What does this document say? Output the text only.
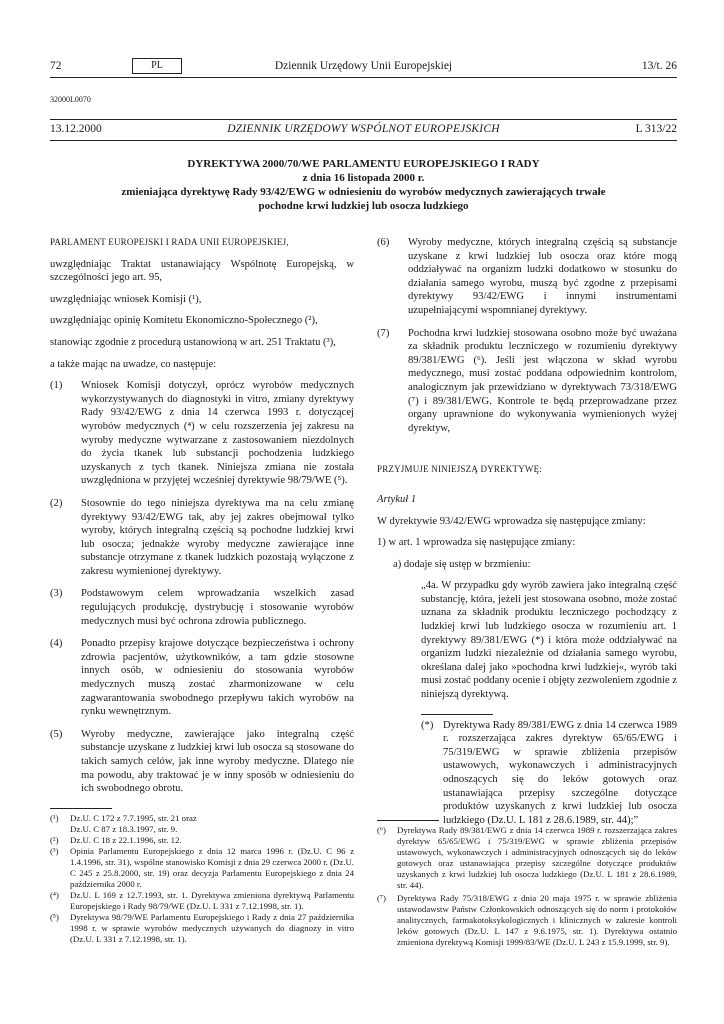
72	PL	Dziennik Urzędowy Unii Europejskiej	13/t. 26
32000L0070
13.12.2000	DZIENNIK URZĘDOWY WSPÓLNOT EUROPEJSKICH	L 313/22
DYREKTYWA 2000/70/WE PARLAMENTU EUROPEJSKIEGO I RADY
z dnia 16 listopada 2000 r.
zmieniająca dyrektywę Rady 93/42/EWG w odniesieniu do wyrobów medycznych zawierających trwałe
pochodne krwi ludzkiej lub osocza ludzkiego

PARLAMENT EUROPEJSKI I RADA UNII EUROPEJSKIEJ,

uwzględniając Traktat ustanawiający Wspólnotę Europejską, w szczególności jego art. 95,

uwzględniając wniosek Komisji (¹),

uwzględniając opinię Komitetu Ekonomiczno-Społecznego (²),

stanowiąc zgodnie z procedurą ustanowioną w art. 251 Traktatu (³),

a także mając na uwadze, co następuje:

(1)	Wniosek Komisji dotyczył, oprócz wyrobów medycznych wykorzystywanych do diagnostyki in vitro, zmiany dyrektywy Rady 93/42/EWG z dnia 14 czerwca 1993 r. dotyczącej wyrobów medycznych (⁴) w celu rozszerzenia jej zakresu na wyroby medyczne wytwarzane z zastosowaniem niezdolnych do życia tkanek lub substancji pochodzenia ludzkiego uzyskanych z tych tkanek. Niniejsza zmiana nie została uwzględniona w przyjętej wcześniej dyrektywie 98/79/WE (⁵).
(2)	Stosownie do tego niniejsza dyrektywa ma na celu zmianę dyrektywy 93/42/EWG tak, aby jej zakres obejmował tylko wyroby, których integralną częścią są pochodne ludzkiej krwi lub osocza; jednakże wyroby medyczne zawierające inne substancje otrzymane z tkanek ludzkich pozostają wyłączone z zakresu wymienionej dyrektywy.
(3)	Podstawowym celem wprowadzania wszelkich zasad regulujących produkcję, dystrybucję i stosowanie wyrobów medycznych musi być ochrona zdrowia publicznego.
(4)	Ponadto przepisy krajowe dotyczące bezpieczeństwa i ochrony zdrowia pacjentów, użytkowników, a tam gdzie stosowne innych osób, w odniesieniu do stosowania wyrobów medycznych muszą zostać zharmonizowane w celu zagwarantowania swobodnego przepływu takich wyrobów na rynku wewnętrznym.
(5)	Wyroby medyczne, zawierające jako integralną część substancje uzyskane z ludzkiej krwi lub osocza są stosowane do takich samych celów, jak inne wyroby medyczne. Dlatego nie ma powodu, aby traktować je w inny sposób w odniesieniu do ich swobodnego obrotu.
(¹)	Dz.U. C 172 z 7.7.1995, str. 21 oraz
Dz.U. C 87 z 18.3.1997, str. 9.
(²)	Dz.U. C 18 z 22.1.1996, str. 12.
(³)	Opinia Parlamentu Europejskiego z dnia 12 marca 1996 r. (Dz.U. C 96 z 1.4.1996, str. 31), wspólne stanowisko Komisji z dnia 29 czerwca 2000 r. (Dz.U. C 245 z 25.8.2000, str. 19) oraz decyzja Parlamentu Europejskiego z dnia 24 października 2000 r.
(⁴)	Dz.U. L 169 z 12.7.1993, str. 1. Dyrektywa zmieniona dyrektywą Parlamentu Europejskiego i Rady 98/79/WE (Dz.U. L 331 z 7.12.1998, str. 1).
(⁵)	Dyrektywa 98/79/WE Parlamentu Europejskiego i Rady z dnia 27 października 1998 r. w sprawie wyrobów medycznych używanych do diagnozy in vitro (Dz.U. L 331 z 7.12.1998, str. 1).
(6)	Wyroby medyczne, których integralną częścią są substancje uzyskane z krwi ludzkiej lub osocza oraz które mogą oddziaływać na organizm ludzki dodatkowo w stosunku do działania samego wyrobu, muszą być zgodne z przepisami dyrektywy 93/42/EWG i innymi instrumentami uzupełniającymi wspomnianej dyrektywy.
(7)	Pochodna krwi ludzkiej stosowana osobno może być uważana za składnik produktu leczniczego w rozumieniu dyrektywy 89/381/EWG (⁶). Jeśli jest włączona w skład wyrobu medycznego, musi zostać poddana odpowiednim kontrolom, analogicznym jak przewidziano w dyrektywach 73/318/EWG (⁷) i 89/381/EWG. Kontrole te będą przeprowadzane przez organy uprawnione do wykonywania wymienionych wyżej dyrektyw,

PRZYJMUJE NINIEJSZĄ DYREKTYWĘ:

Artykuł 1

W dyrektywie 93/42/EWG wprowadza się następujące zmiany:

1) w art. 1 wprowadza się następujące zmiany:

a) dodaje się ustęp w brzmieniu:

„4a. W przypadku gdy wyrób zawiera jako integralną część substancję, która, jeżeli jest stosowana osobno, może zostać uznana za składnik produktu leczniczego pochodzący z ludzkiej krwi lub ludzkiego osocza w rozumieniu art. 1 dyrektywy 89/381/EWG (*) i która może oddziaływać na organizm ludzki niezależnie od działania samego wyrobu, określana dalej jako »pochodna krwi ludzkiej«, wyrób taki musi zostać poddany ocenie i objęty zezwoleniem zgodnie z niniejszą dyrektywą.

(*) Dyrektywa Rady 89/381/EWG z dnia 14 czerwca 1989 r. rozszerzająca zakres dyrektyw 65/65/EWG i 75/319/EWG w sprawie zbliżenia przepisów ustawowych, wykonawczych i administracyjnych odnoszących się do leków gotowych oraz ustanawiająca przepisy szczególne dotyczące produktów uzyskanych z krwi ludzkiej lub osocza ludzkiego (Dz.U. L 181 z 28.6.1989, str. 44);”
(⁶)	Dyrektywa Rady 89/381/EWG z dnia 14 czerwca 1989 r. rozszerzająca zakres dyrektyw 65/65/EWG i 75/319/EWG w sprawie zbliżenia przepisów ustawowych, wykonawczych i administracyjnych odnoszących się do leków gotowych oraz ustanawiająca przepisy szczególne dotyczące produktów uzyskanych z krwi ludzkiej lub osocza ludzkiego (Dz.U. L 181 z 28.6.1989, str. 44).
(⁷)	Dyrektywa Rady 75/318/EWG z dnia 20 maja 1975 r. w sprawie zbliżenia ustawodawstw Państw Członkowskich odnoszących się do norm i protokołów analitycznych, farmakotoksykologicznych i klinicznych w zakresie kontroli leków gotowych (Dz.U. L 147 z 9.6.1975, str. 1). Dyrektywa ostatnio zmieniona dyrektywą Komisji 1999/83/WE (Dz.U. L 243 z 15.9.1999, str. 9).
